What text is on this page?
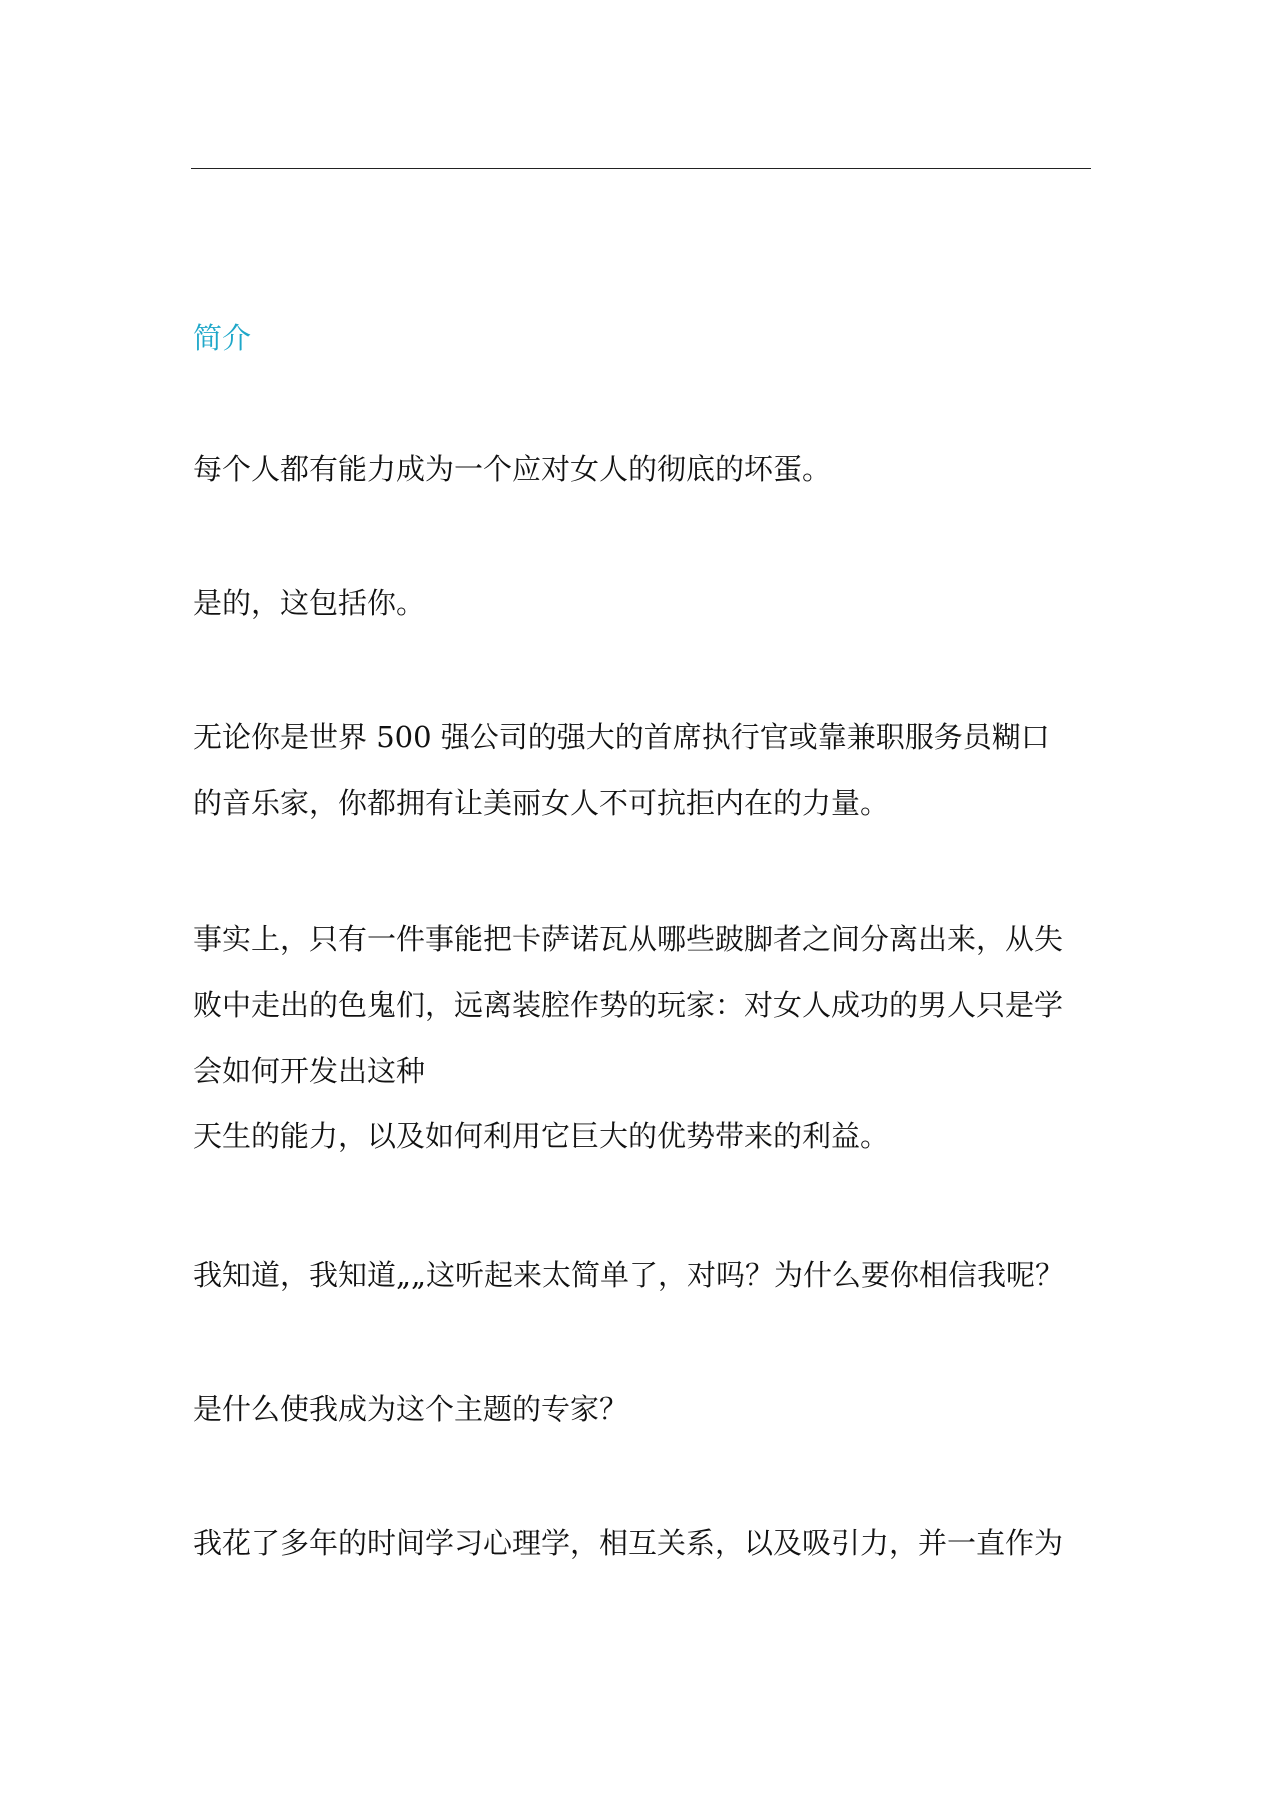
简介
每个人都有能力成为一个应对女人的彻底的坏蛋。
是的，这包括你。
无论你是世界 500 强公司的强大的首席执行官或靠兼职服务员糊口
的音乐家，你都拥有让美丽女人不可抗拒内在的力量。
事实上，只有一件事能把卡萨诺瓦从哪些跛脚者之间分离出来，从失
败中走出的色鬼们，远离装腔作势的玩家：对女人成功的男人只是学
会如何开发出这种
天生的能力，以及如何利用它巨大的优势带来的利益。
我知道，我知道„„这听起来太简单了，对吗？为什么要你相信我呢？
是什么使我成为这个主题的专家？
我花了多年的时间学习心理学，相互关系，以及吸引力，并一直作为
